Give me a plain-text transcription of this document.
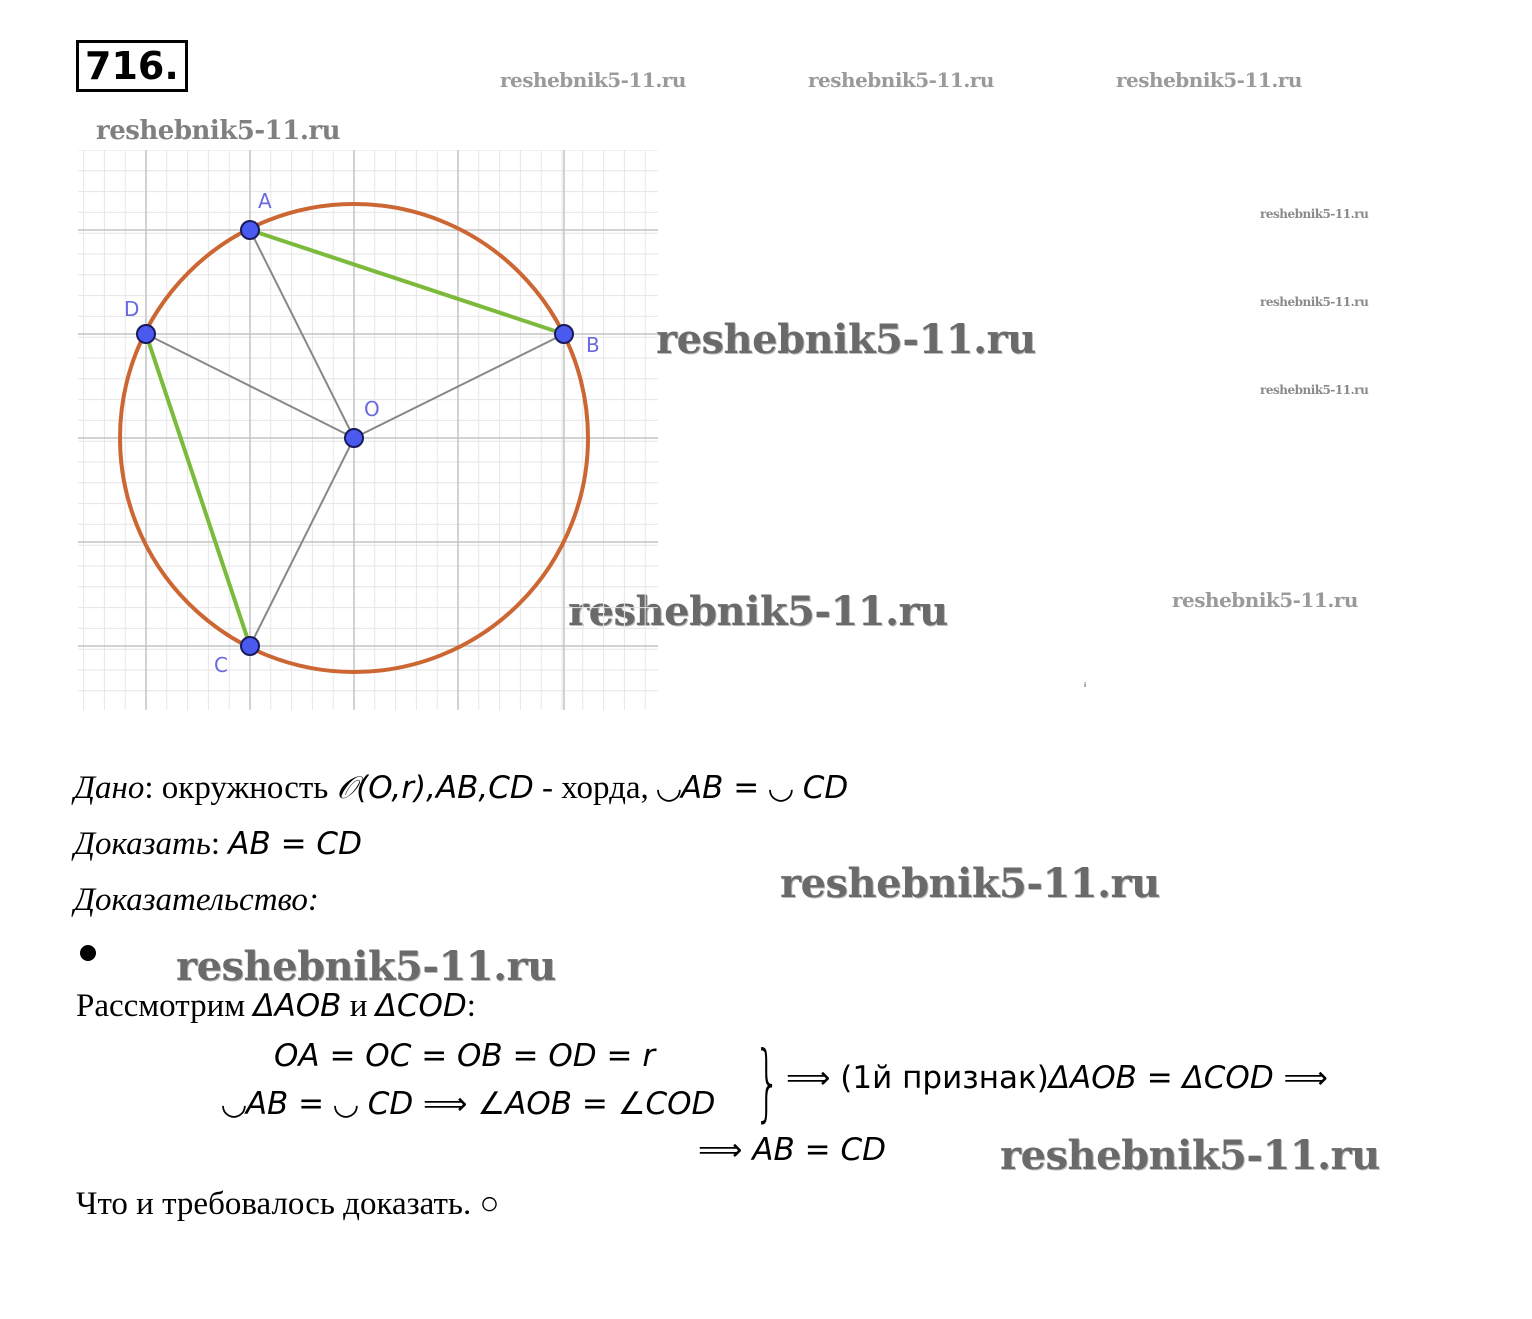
716.	reshebnik5-11.ru	reshebnik5-11.ru	reshebnik5-11.ru
reshebnik5-11.ru
reshebnik5-11.ru
reshebnik5-11.ru
reshebnik5-11.ru
reshebnik5-11.ru
reshebnik5-11.ru	reshebnik5-11.ru
reshebnik5-11.ru
reshebnik5-11.ru
reshebnik5-11.ru
ⁱ
A
B
C
D
O
Дано: окружность 𝒪(O,r),AB,CD - хорда, ◡AB = ◡ CD
Доказать: AB = CD
Доказательство:
Рассмотрим ΔAOB и ΔCOD:
OA = OC = OB = OD = r
◡AB = ◡ CD ⟹ ∠AOB = ∠COD } ⟹ (1й признак)ΔAOB = ΔCOD ⟹
⟹ AB = CD
Что и требовалось доказать. ○
